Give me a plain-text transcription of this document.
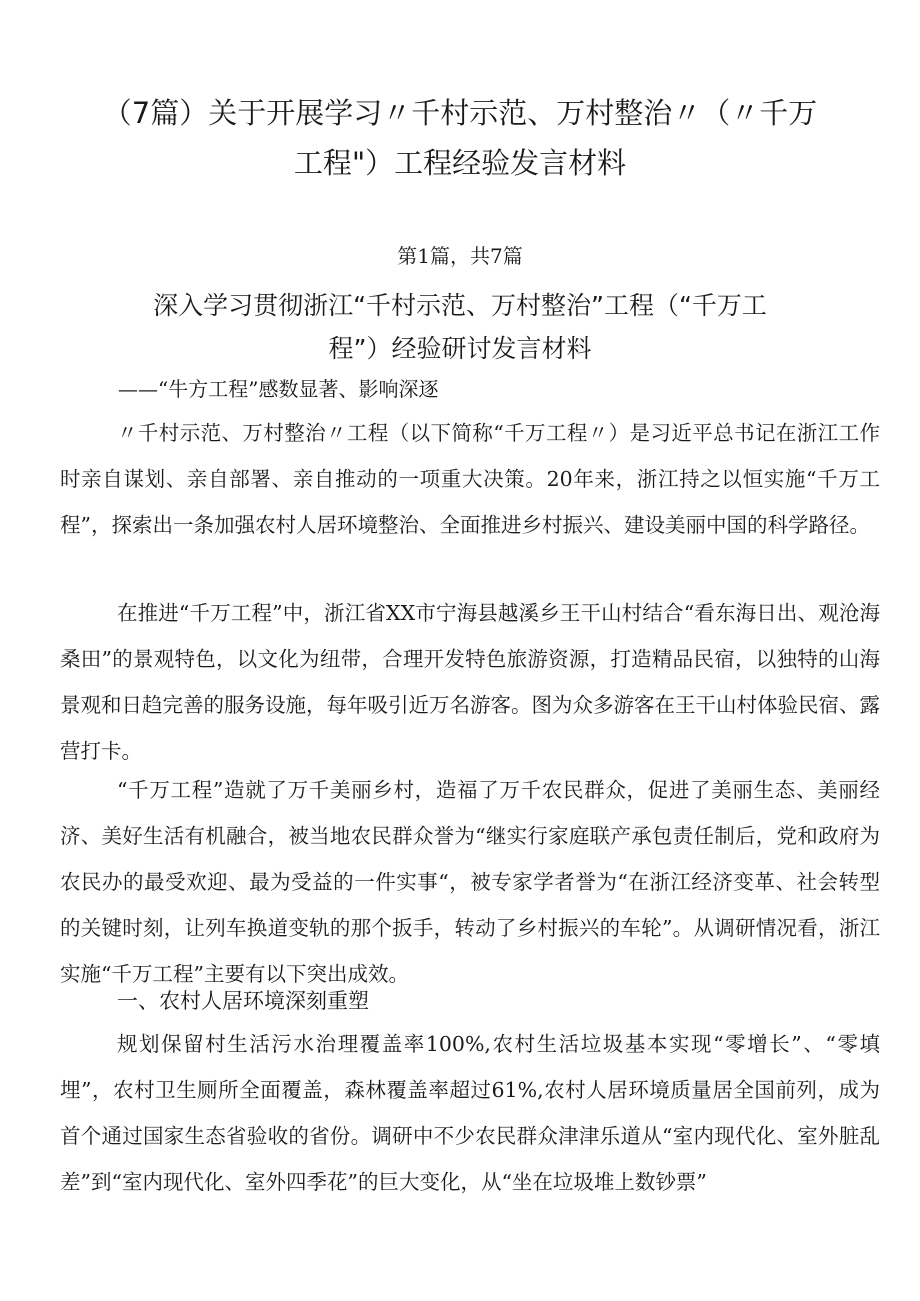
（7篇）关于开展学习〃千村示范、万村整治〃（〃千万工程"）工程经验发言材料
第1篇，共7篇
深入学习贯彻浙江“千村示范、万村整治”工程（“千万工程”）经验研讨发言材料
——“牛方工程”感数显著、影响深逐

〃千村示范、万村整治〃工程（以下简称“千万工程〃）是习近平总书记在浙江工作时亲自谋划、亲自部署、亲自推动的一项重大决策。20年来，浙江持之以恒实施“千万工程”，探索出一条加强农村人居环境整治、全面推进乡村振兴、建设美丽中国的科学路径。

在推进“千万工程”中，浙江省XX市宁海县越溪乡王干山村结合“看东海日出、观沧海桑田”的景观特色，以文化为纽带，合理开发特色旅游资源，打造精品民宿，以独特的山海景观和日趋完善的服务设施，每年吸引近万名游客。图为众多游客在王干山村体验民宿、露营打卡。

“千万工程”造就了万千美丽乡村，造福了万千农民群众，促进了美丽生态、美丽经济、美好生活有机融合，被当地农民群众誉为“继实行家庭联产承包责任制后，党和政府为农民办的最受欢迎、最为受益的一件实事“，被专家学者誉为“在浙江经济变革、社会转型的关键时刻，让列车换道变轨的那个扳手，转动了乡村振兴的车轮”。从调研情况看，浙江实施“千万工程”主要有以下突出成效。

一、农村人居环境深刻重塑

规划保留村生活污水治理覆盖率100%,农村生活垃圾基本实现“零增长”、“零填埋”，农村卫生厕所全面覆盖，森林覆盖率超过61%,农村人居环境质量居全国前列，成为首个通过国家生态省验收的省份。调研中不少农民群众津津乐道从“室内现代化、室外脏乱差”到“室内现代化、室外四季花”的巨大变化，从“坐在垃圾堆上数钞票”
